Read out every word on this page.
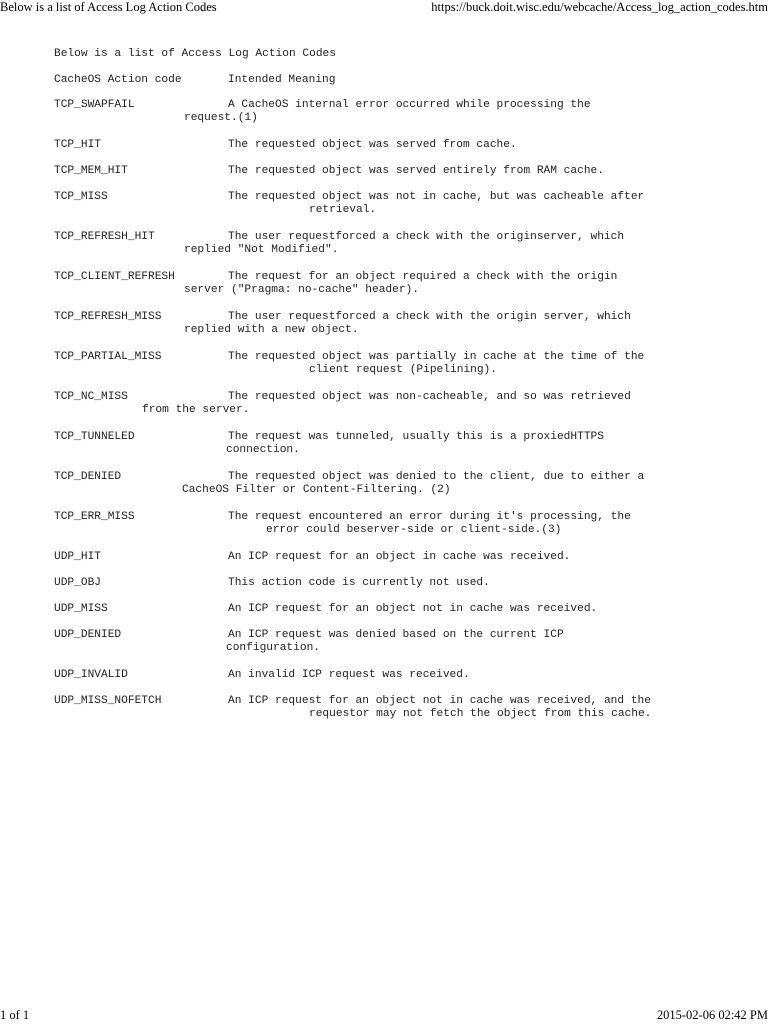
Below is a list of Access Log Action Codes	https://buck.doit.wisc.edu/webcache/Access_log_action_codes.htm
Below is a list of Access Log Action Codes
CacheOS Action code	Intended Meaning
TCP_SWAPFAIL	A CacheOS internal error occurred while processing the
request.(1)
TCP_HIT	The requested object was served from cache.
TCP_MEM_HIT	The requested object was served entirely from RAM cache.
TCP_MISS	The requested object was not in cache, but was cacheable after
retrieval.
TCP_REFRESH_HIT	The user requestforced a check with the originserver, which
replied "Not Modified".
TCP_CLIENT_REFRESH	The request for an object required a check with the origin
server ("Pragma: no-cache" header).
TCP_REFRESH_MISS	The user requestforced a check with the origin server, which
replied with a new object.
TCP_PARTIAL_MISS	The requested object was partially in cache at the time of the
client request (Pipelining).
TCP_NC_MISS	The requested object was non-cacheable, and so was retrieved
from the server.
TCP_TUNNELED	The request was tunneled, usually this is a proxiedHTTPS
connection.
TCP_DENIED	The requested object was denied to the client, due to either a
CacheOS Filter or Content-Filtering. (2)
TCP_ERR_MISS	The request encountered an error during it's processing, the
error could beserver-side or client-side.(3)
UDP_HIT	An ICP request for an object in cache was received.
UDP_OBJ	This action code is currently not used.
UDP_MISS	An ICP request for an object not in cache was received.
UDP_DENIED	An ICP request was denied based on the current ICP
configuration.
UDP_INVALID	An invalid ICP request was received.
UDP_MISS_NOFETCH	An ICP request for an object not in cache was received, and the
requestor may not fetch the object from this cache.
1 of 1	2015-02-06 02:42 PM
